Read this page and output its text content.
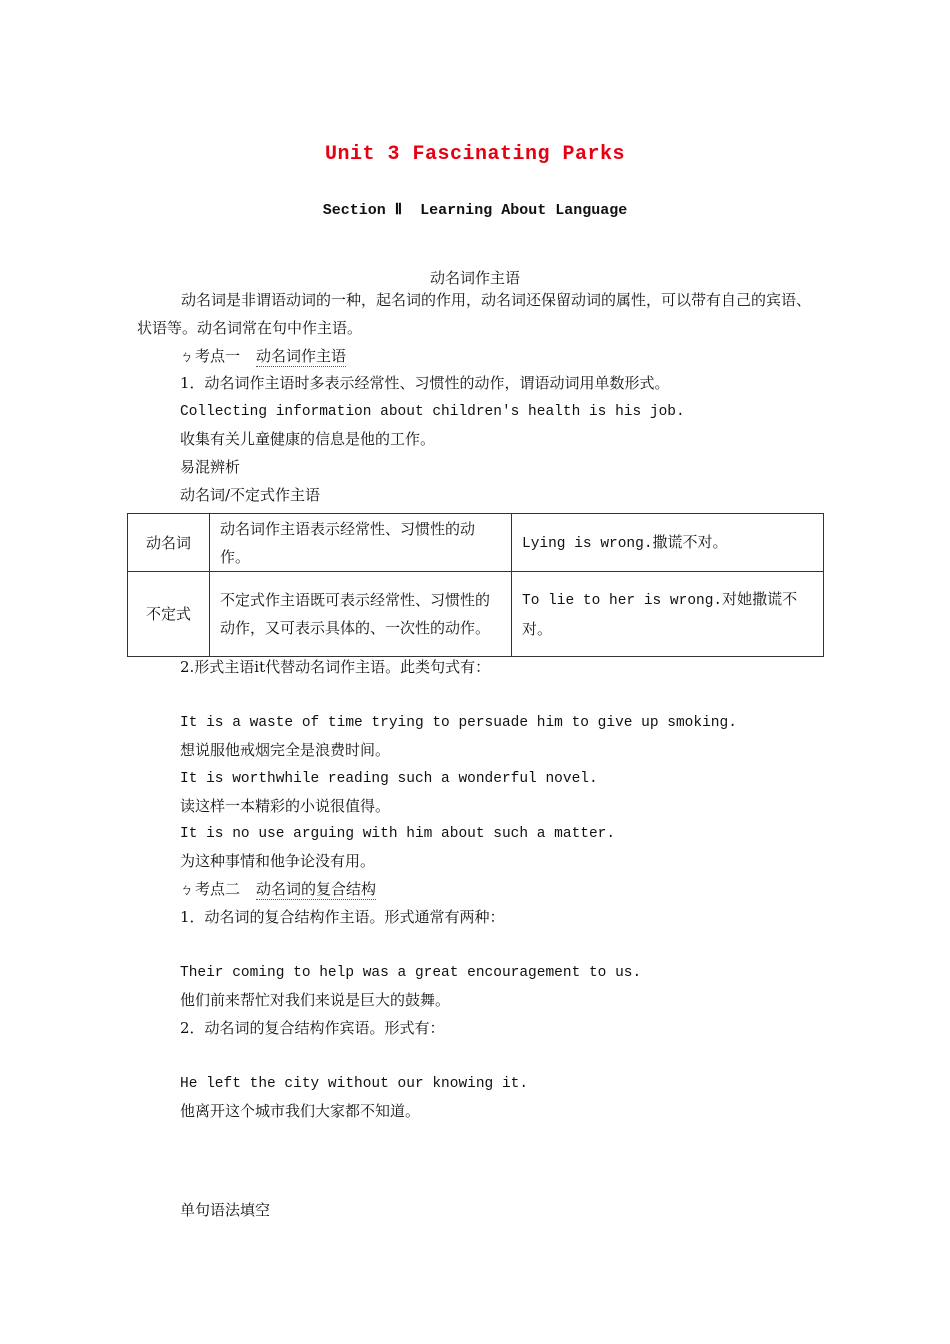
Unit 3 Fascinating Parks
Section Ⅱ  Learning About Language
动名词作主语
动名词是非谓语动词的一种，起名词的作用，动名词还保留动词的属性，可以带有自己的宾语、状语等。动名词常在句中作主语。
ㄅ 考点一 动名词作主语
1．动名词作主语时多表示经常性、习惯性的动作，谓语动词用单数形式。
Collecting information about children's health is his job.
收集有关儿童健康的信息是他的工作。
易混辨析
动名词/不定式作主语
动名词	动名词作主语表示经常性、习惯性的动作。	Lying is wrong.撒谎不对。
不定式	不定式作主语既可表示经常性、习惯性的动作，又可表示具体的、一次性的动作。	To lie to her is wrong.对她撒谎不对。
2.形式主语it代替动名词作主语。此类句式有：
It is a waste of time trying to persuade him to give up smoking.
想说服他戒烟完全是浪费时间。
It is worthwhile reading such a wonderful novel.
读这样一本精彩的小说很值得。
It is no use arguing with him about such a matter.
为这种事情和他争论没有用。
ㄅ 考点二 动名词的复合结构
1．动名词的复合结构作主语。形式通常有两种：
Their coming to help was a great encouragement to us.
他们前来帮忙对我们来说是巨大的鼓舞。
2．动名词的复合结构作宾语。形式有：
He left the city without our knowing it.
他离开这个城市我们大家都不知道。
单句语法填空
